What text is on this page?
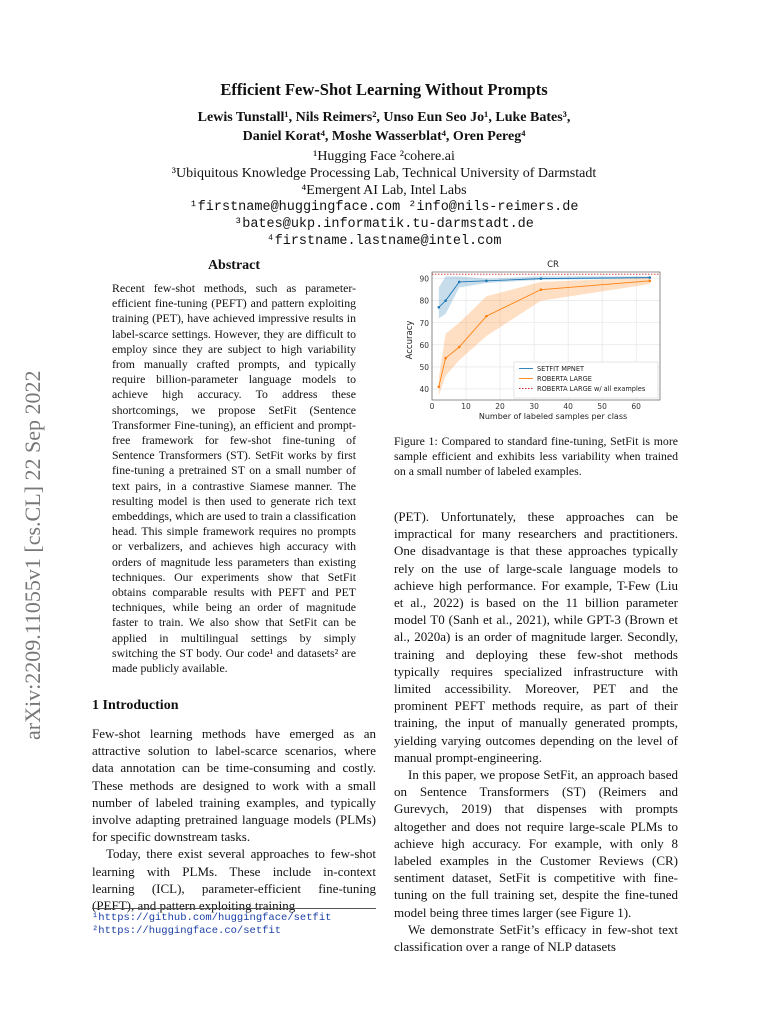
arXiv:2209.11055v1 [cs.CL] 22 Sep 2022
Efficient Few-Shot Learning Without Prompts
Lewis Tunstall¹, Nils Reimers², Unso Eun Seo Jo¹, Luke Bates³,
Daniel Korat⁴, Moshe Wasserblat⁴, Oren Pereg⁴
¹Hugging Face ²cohere.ai
³Ubiquitous Knowledge Processing Lab, Technical University of Darmstadt
⁴Emergent AI Lab, Intel Labs
¹firstname@huggingface.com ²info@nils-reimers.de
³bates@ukp.informatik.tu-darmstadt.de
⁴firstname.lastname@intel.com
Abstract
Recent few-shot methods, such as parameter-efficient fine-tuning (PEFT) and pattern exploiting training (PET), have achieved impressive results in label-scarce settings. However, they are difficult to employ since they are subject to high variability from manually crafted prompts, and typically require billion-parameter language models to achieve high accuracy. To address these shortcomings, we propose SetFit (Sentence Transformer Fine-tuning), an efficient and prompt-free framework for few-shot fine-tuning of Sentence Transformers (ST). SetFit works by first fine-tuning a pretrained ST on a small number of text pairs, in a contrastive Siamese manner. The resulting model is then used to generate rich text embeddings, which are used to train a classification head. This simple framework requires no prompts or verbalizers, and achieves high accuracy with orders of magnitude less parameters than existing techniques. Our experiments show that SetFit obtains comparable results with PEFT and PET techniques, while being an order of magnitude faster to train. We also show that SetFit can be applied in multilingual settings by simply switching the ST body. Our code¹ and datasets² are made publicly available.
1 Introduction

Few-shot learning methods have emerged as an attractive solution to label-scarce scenarios, where data annotation can be time-consuming and costly. These methods are designed to work with a small number of labeled training examples, and typically involve adapting pretrained language models (PLMs) for specific downstream tasks.

Today, there exist several approaches to few-shot learning with PLMs. These include in-context learning (ICL), parameter-efficient fine-tuning (PEFT), and pattern exploiting training

¹https://github.com/huggingface/setfit
²https://huggingface.co/setfit
CR
Accuracy
Number of labeled samples per class
40
50
60
70
80
90
0	10	20	30	40	50	60
SETFIT MPNET
ROBERTA LARGE
ROBERTA LARGE w/ all examples
Figure 1: Compared to standard fine-tuning, SetFit is more sample efficient and exhibits less variability when trained on a small number of labeled examples.

(PET). Unfortunately, these approaches can be impractical for many researchers and practitioners. One disadvantage is that these approaches typically rely on the use of large-scale language models to achieve high performance. For example, T-Few (Liu et al., 2022) is based on the 11 billion parameter model T0 (Sanh et al., 2021), while GPT-3 (Brown et al., 2020a) is an order of magnitude larger. Secondly, training and deploying these few-shot methods typically requires specialized infrastructure with limited accessibility. Moreover, PET and the prominent PEFT methods require, as part of their training, the input of manually generated prompts, yielding varying outcomes depending on the level of manual prompt-engineering.

In this paper, we propose SetFit, an approach based on Sentence Transformers (ST) (Reimers and Gurevych, 2019) that dispenses with prompts altogether and does not require large-scale PLMs to achieve high accuracy. For example, with only 8 labeled examples in the Customer Reviews (CR) sentiment dataset, SetFit is competitive with fine-tuning on the full training set, despite the fine-tuned model being three times larger (see Figure 1).

We demonstrate SetFit’s efficacy in few-shot text classification over a range of NLP datasets
